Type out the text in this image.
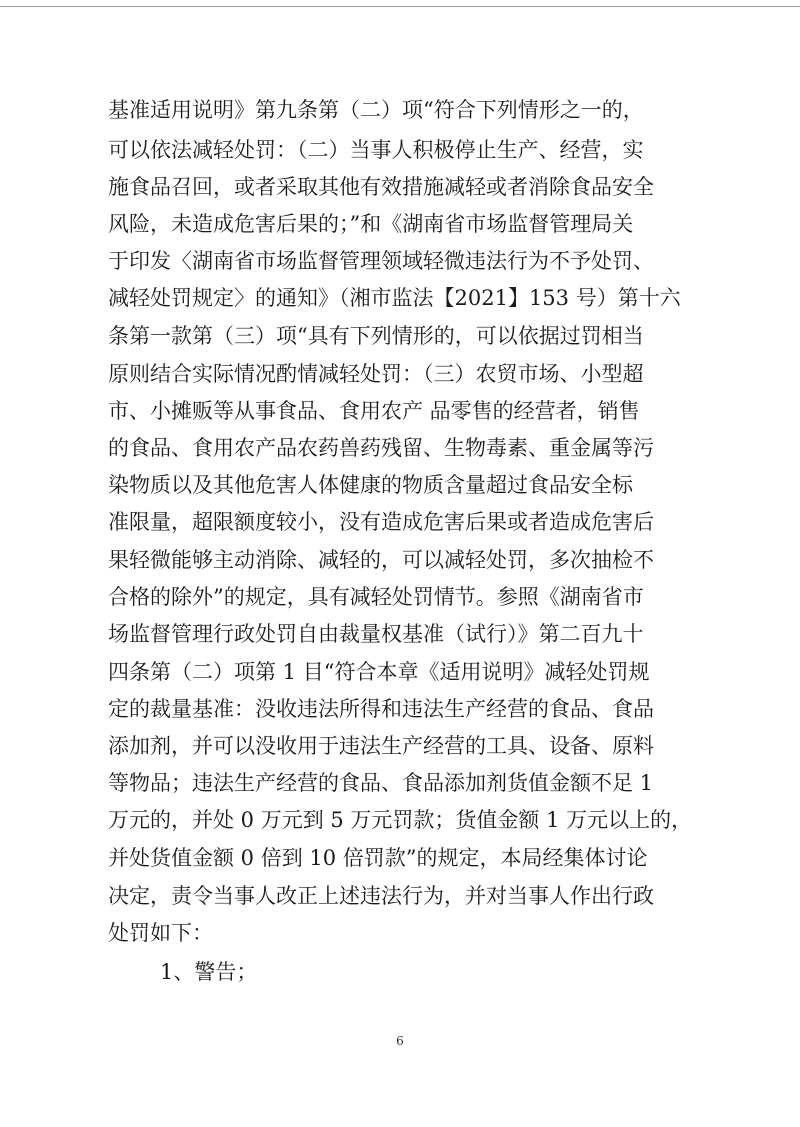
基准适用说明》第九条第（二）项“符合下列情形之一的，
可以依法减轻处罚：（二）当事人积极停止生产、经营，实
施食品召回，或者采取其他有效措施减轻或者消除食品安全
风险，未造成危害后果的；”和《湖南省市场监督管理局关
于印发〈湖南省市场监督管理领域轻微违法行为不予处罚、
减轻处罚规定〉的通知》（湘市监法【2021】153 号）第十六
条第一款第（三）项“具有下列情形的，可以依据过罚相当
原则结合实际情况酌情减轻处罚：（三）农贸市场、小型超
市、小摊贩等从事食品、食用农产 品零售的经营者，销售
的食品、食用农产品农药兽药残留、生物毒素、重金属等污
染物质以及其他危害人体健康的物质含量超过食品安全标
准限量，超限额度较小，没有造成危害后果或者造成危害后
果轻微能够主动消除、减轻的，可以减轻处罚，多次抽检不
合格的除外”的规定，具有减轻处罚情节。参照《湖南省市
场监督管理行政处罚自由裁量权基准（试行）》第二百九十
四条第（二）项第 1 目“符合本章《适用说明》减轻处罚规
定的裁量基准：没收违法所得和违法生产经营的食品、食品
添加剂，并可以没收用于违法生产经营的工具、设备、原料
等物品；违法生产经营的食品、食品添加剂货值金额不足 1
万元的，并处 0 万元到 5 万元罚款；货值金额 1 万元以上的，
并处货值金额 0 倍到 10 倍罚款”的规定，本局经集体讨论
决定，责令当事人改正上述违法行为，并对当事人作出行政
处罚如下：
1、警告；
6
